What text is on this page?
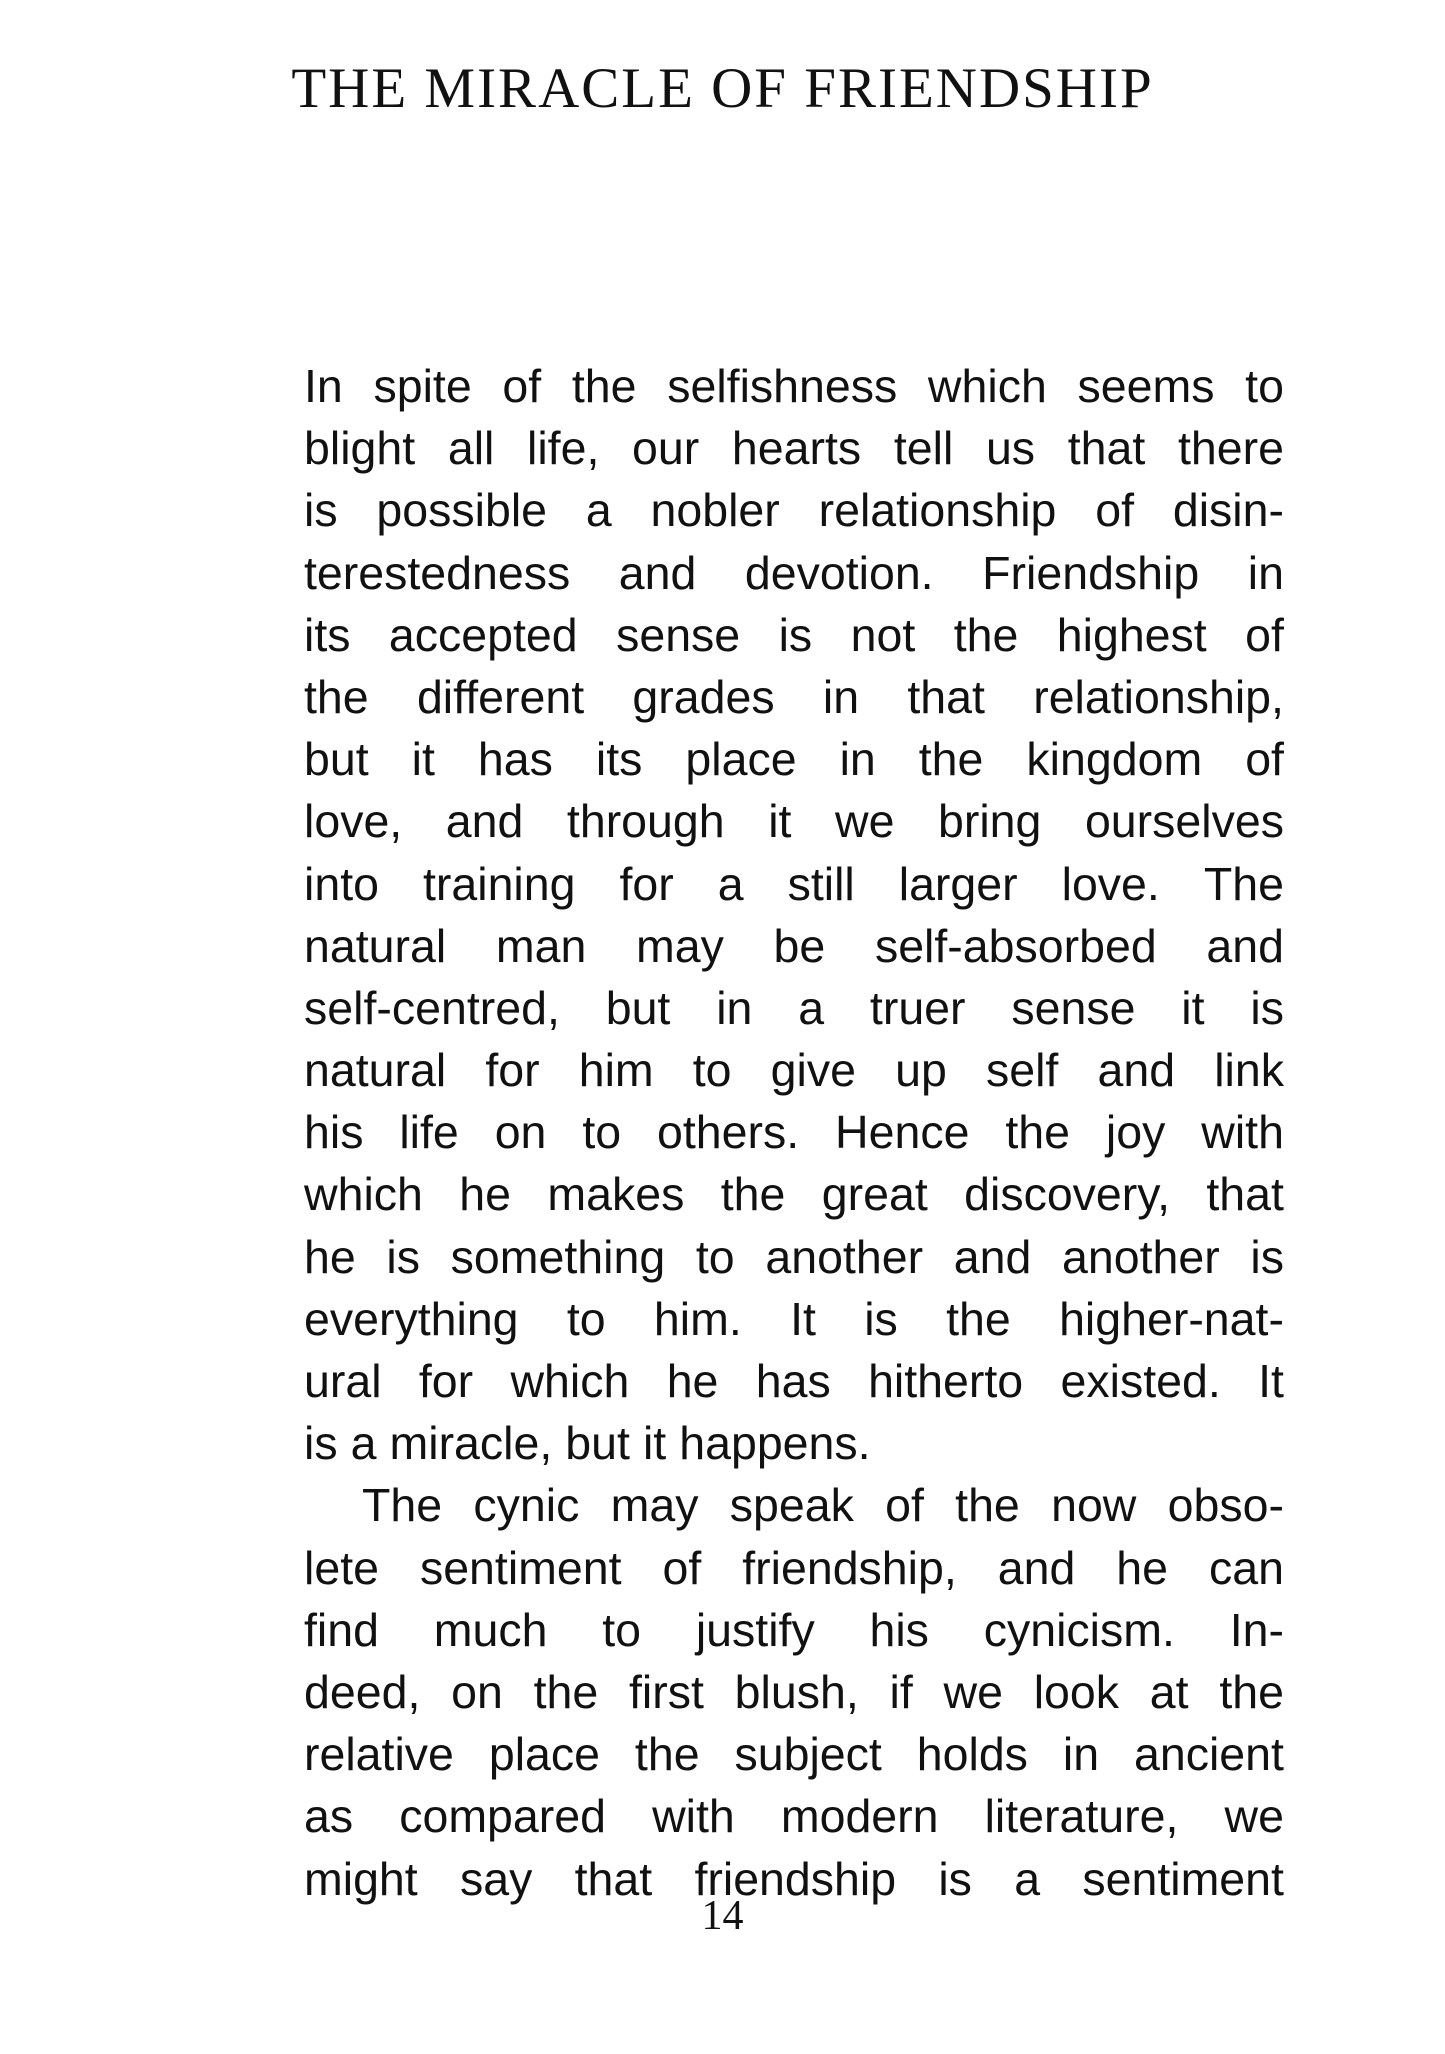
THE MIRACLE OF FRIENDSHIP
In spite of the selfishness which seems to
blight all life, our hearts tell us that there
is possible a nobler relationship of disin-
terestedness and devotion. Friendship in
its accepted sense is not the highest of
the different grades in that relationship,
but it has its place in the kingdom of
love, and through it we bring ourselves
into training for a still larger love. The
natural man may be self-absorbed and
self-centred, but in a truer sense it is
natural for him to give up self and link
his life on to others. Hence the joy with
which he makes the great discovery, that
he is something to another and another is
everything to him. It is the higher-nat-
ural for which he has hitherto existed. It
is a miracle, but it happens.
The cynic may speak of the now obso-
lete sentiment of friendship, and he can
find much to justify his cynicism. In-
deed, on the first blush, if we look at the
relative place the subject holds in ancient
as compared with modern literature, we
might say that friendship is a sentiment
14
